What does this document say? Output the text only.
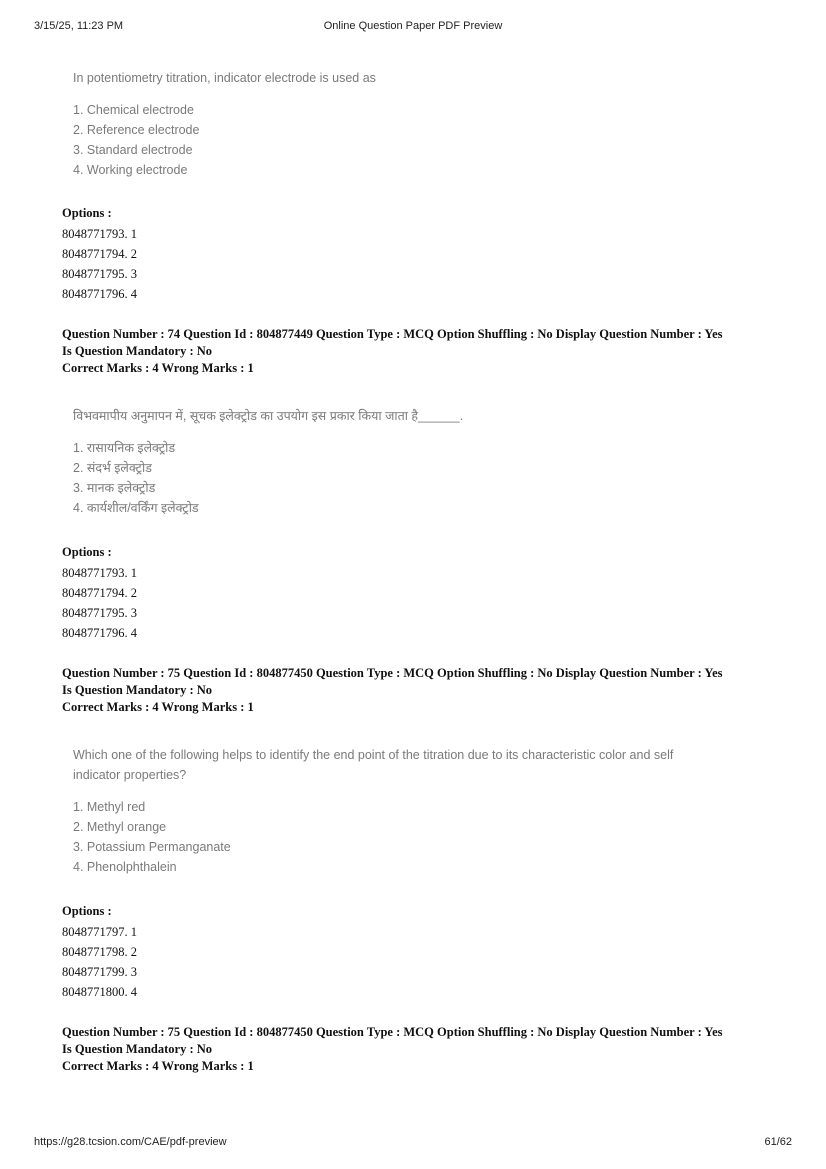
3/15/25, 11:23 PM	Online Question Paper PDF Preview
In potentiometry titration, indicator electrode is used as
1. Chemical electrode
2. Reference electrode
3. Standard electrode
4. Working electrode
Options :
8048771793. 1
8048771794. 2
8048771795. 3
8048771796. 4
Question Number : 74 Question Id : 804877449 Question Type : MCQ Option Shuffling : No Display Question Number : Yes
Is Question Mandatory : No
Correct Marks : 4 Wrong Marks : 1
विभवमापीय अनुमापन में, सूचक इलेक्ट्रोड का उपयोग इस प्रकार किया जाता है______.
1. रासायनिक इलेक्ट्रोड
2. संदर्भ इलेक्ट्रोड
3. मानक इलेक्ट्रोड
4. कार्यशील/वर्किंग इलेक्ट्रोड
Options :
8048771793. 1
8048771794. 2
8048771795. 3
8048771796. 4
Question Number : 75 Question Id : 804877450 Question Type : MCQ Option Shuffling : No Display Question Number : Yes
Is Question Mandatory : No
Correct Marks : 4 Wrong Marks : 1
Which one of the following helps to identify the end point of the titration due to its characteristic color and self
indicator properties?
1. Methyl red
2. Methyl orange
3. Potassium Permanganate
4. Phenolphthalein
Options :
8048771797. 1
8048771798. 2
8048771799. 3
8048771800. 4
Question Number : 75 Question Id : 804877450 Question Type : MCQ Option Shuffling : No Display Question Number : Yes
Is Question Mandatory : No
Correct Marks : 4 Wrong Marks : 1
https://g28.tcsion.com/CAE/pdf-preview	61/62
